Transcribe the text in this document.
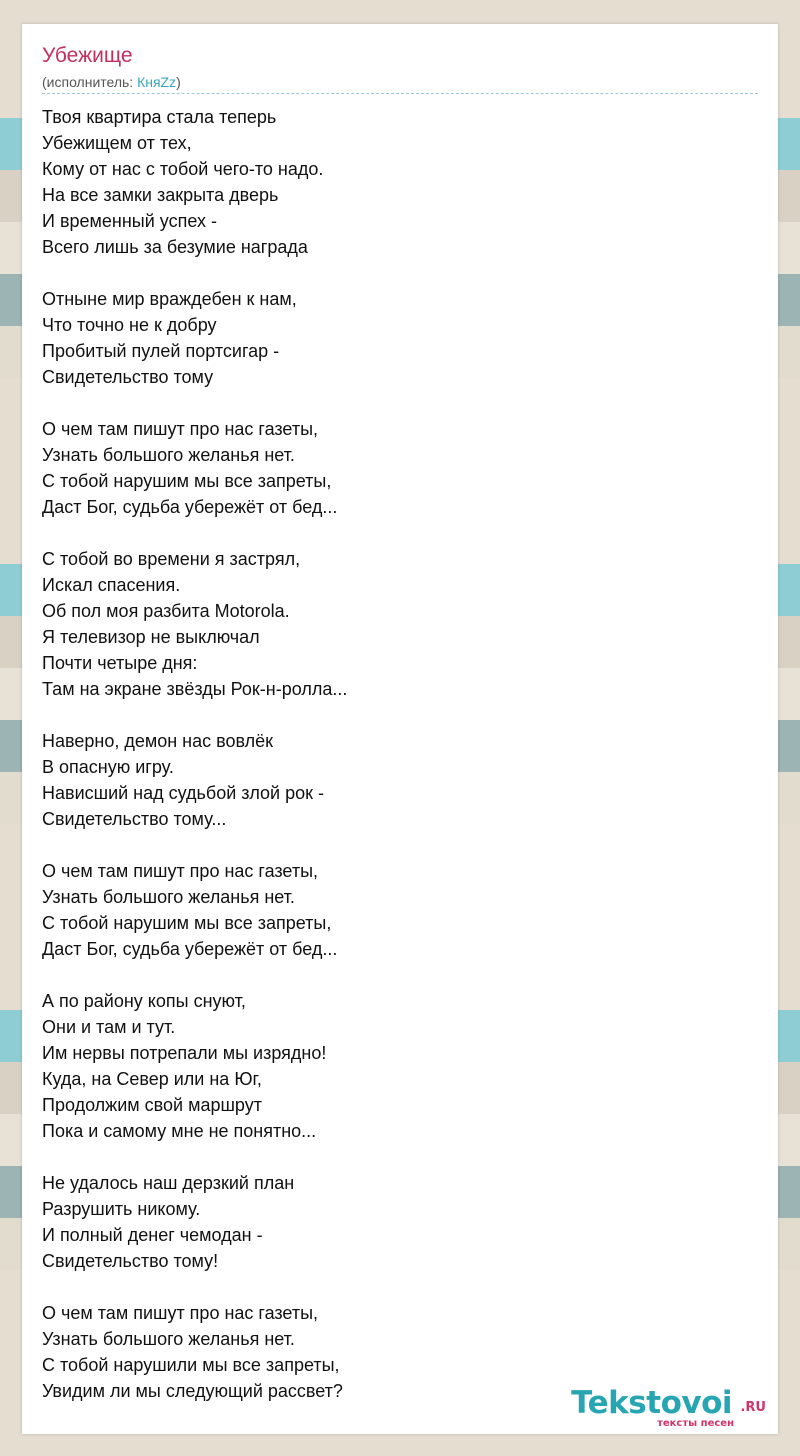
Убежище
(исполнитель: КняZz)
Твоя квартира стала теперь
Убежищем от тех,
Кому от нас с тобой чего-то надо.
На все замки закрыта дверь
И временный успех -
Всего лишь за безумие награда
Отныне мир враждебен к нам,
Что точно не к добру
Пробитый пулей портсигар -
Свидетельство тому
О чем там пишут про нас газеты,
Узнать большого желанья нет.
С тобой нарушим мы все запреты,
Даст Бог, судьба убережёт от бед...
С тобой во времени я застрял,
Искал спасения.
Об пол моя разбита Motorola.
Я телевизор не выключал
Почти четыре дня:
Там на экране звёзды Рок-н-ролла...
Наверно, демон нас вовлёк
В опасную игру.
Нависший над судьбой злой рок -
Свидетельство тому...
О чем там пишут про нас газеты,
Узнать большого желанья нет.
С тобой нарушим мы все запреты,
Даст Бог, судьба убережёт от бед...
А по району копы снуют,
Они и там и тут.
Им нервы потрепали мы изрядно!
Куда, на Север или на Юг,
Продолжим свой маршрут
Пока и самому мне не понятно...
Не удалось наш дерзкий план
Разрушить никому.
И полный денег чемодан -
Свидетельство тому!
О чем там пишут про нас газеты,
Узнать большого желанья нет.
С тобой нарушили мы все запреты,
Увидим ли мы следующий рассвет?	Tekstovoi .RU
тексты песен
